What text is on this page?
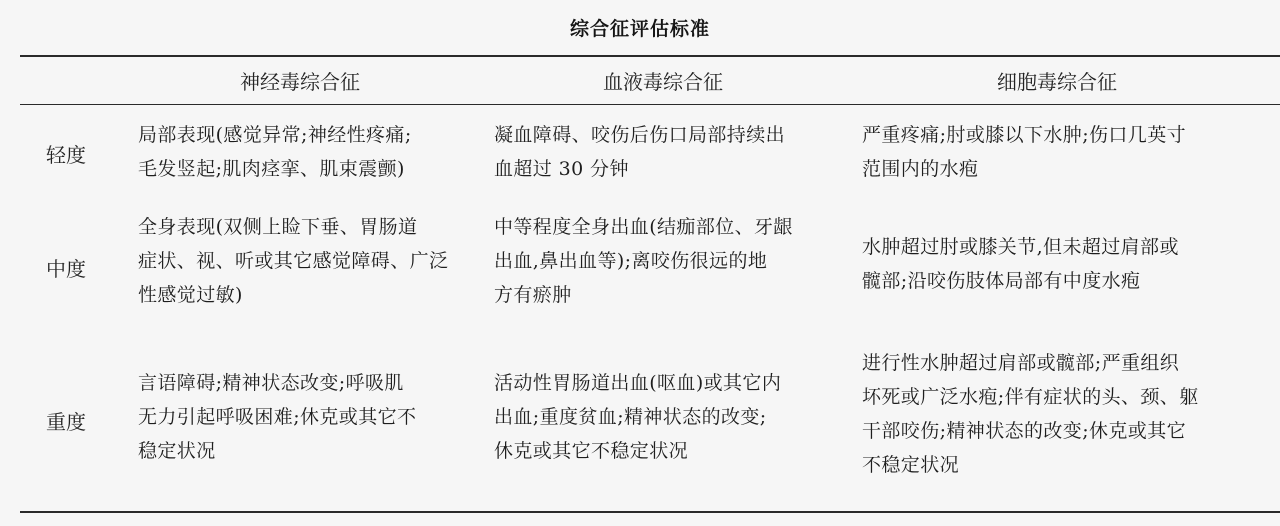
综合征评估标准
神经毒综合征	血液毒综合征	细胞毒综合征
轻度
局部表现(感觉异常;神经性疼痛;
毛发竖起;肌肉痉挛、肌束震颤)
凝血障碍、咬伤后伤口局部持续出
血超过 30 分钟
严重疼痛;肘或膝以下水肿;伤口几英寸
范围内的水疱
中度
全身表现(双侧上睑下垂、胃肠道
症状、视、听或其它感觉障碍、广泛
性感觉过敏)
中等程度全身出血(结痂部位、牙龈
出血,鼻出血等);离咬伤很远的地
方有瘀肿
水肿超过肘或膝关节,但未超过肩部或
髋部;沿咬伤肢体局部有中度水疱
重度
言语障碍;精神状态改变;呼吸肌
无力引起呼吸困难;休克或其它不
稳定状况
活动性胃肠道出血(呕血)或其它内
出血;重度贫血;精神状态的改变;
休克或其它不稳定状况
进行性水肿超过肩部或髋部;严重组织
坏死或广泛水疱;伴有症状的头、颈、躯
干部咬伤;精神状态的改变;休克或其它
不稳定状况
